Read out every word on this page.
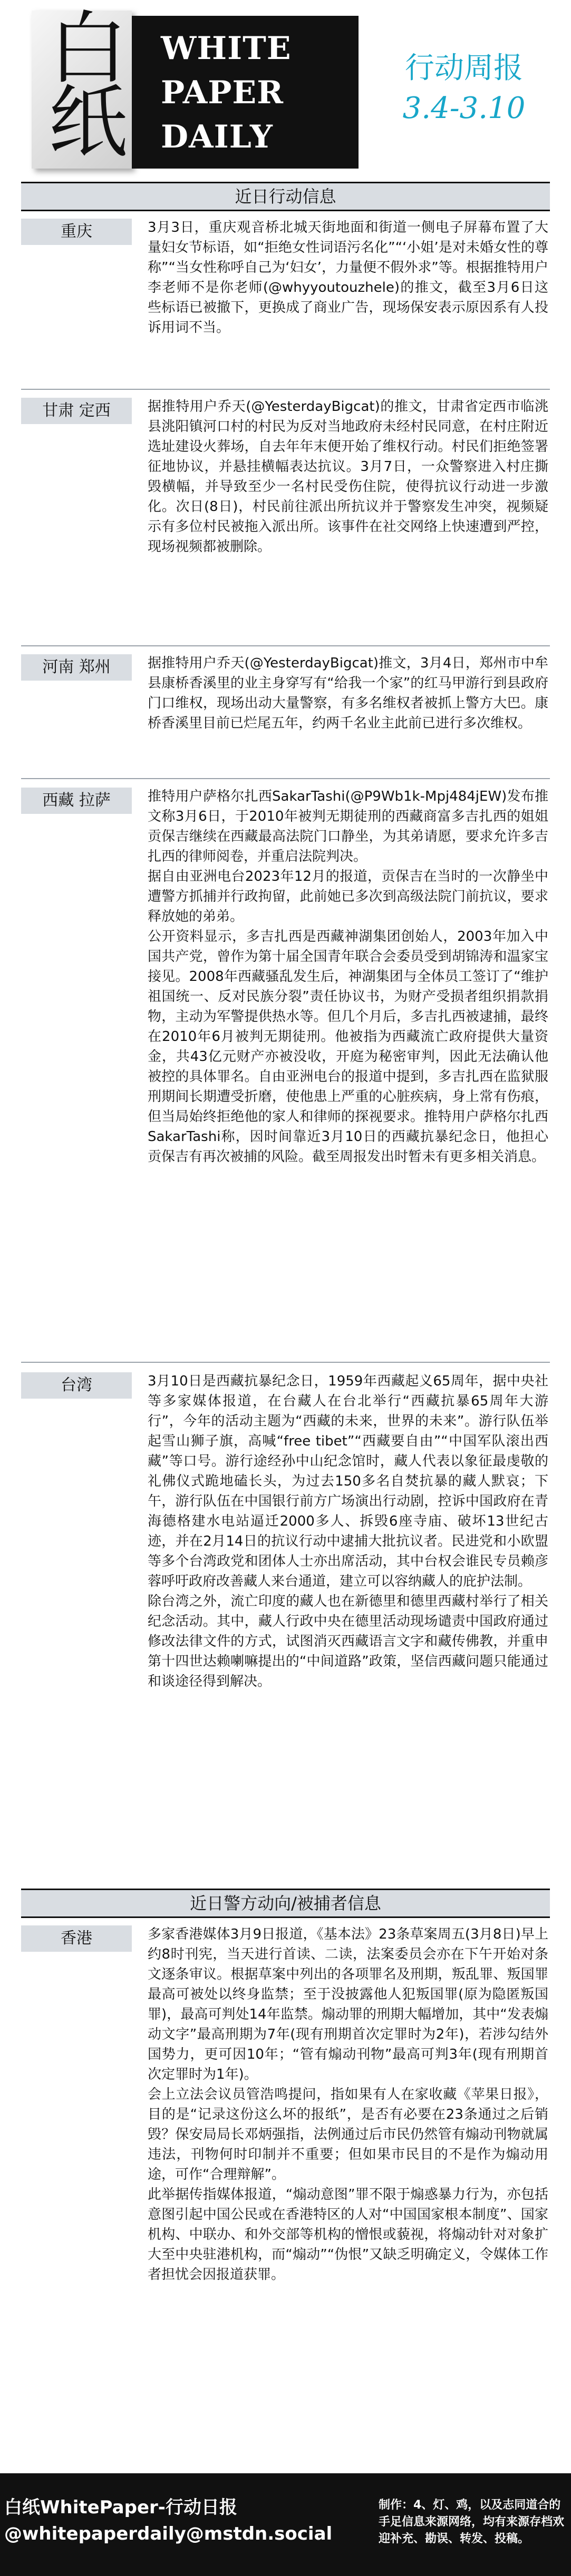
白
纸
WHITE
PAPER
DAILY
行动周报
3.4-3.10
近日行动信息
重庆	3月3日，重庆观音桥北城天街地面和街道一侧电子屏幕布置了大量妇女节标语，如“拒绝女性词语污名化”“‘小姐’是对未婚女性的尊称”“当女性称呼自己为‘妇女’，力量便不假外求”等。根据推特用户李老师不是你老师(@whyyoutouzhele)的推文，截至3月6日这些标语已被撤下，更换成了商业广告，现场保安表示原因系有人投诉用词不当。

甘肃 定西	据推特用户乔天(@YesterdayBigcat)的推文，甘肃省定西市临洮县洮阳镇河口村的村民为反对当地政府未经村民同意，在村庄附近选址建设火葬场，自去年年末便开始了维权行动。村民们拒绝签署征地协议，并悬挂横幅表达抗议。3月7日，一众警察进入村庄撕毁横幅，并导致至少一名村民受伤住院，使得抗议行动进一步激化。次日(8日)，村民前往派出所抗议并于警察发生冲突，视频疑示有多位村民被拖入派出所。该事件在社交网络上快速遭到严控，现场视频都被删除。

河南 郑州	据推特用户乔天(@YesterdayBigcat)推文，3月4日，郑州市中牟县康桥香溪里的业主身穿写有“给我一个家”的红马甲游行到县政府门口维权，现场出动大量警察，有多名维权者被抓上警方大巴。康桥香溪里目前已烂尾五年，约两千名业主此前已进行多次维权。

西藏 拉萨	推特用户萨格尔扎西SakarTashi(@P9Wb1k-Mpj484jEW)发布推文称3月6日，于2010年被判无期徒刑的西藏商富多吉扎西的姐姐贡保吉继续在西藏最高法院门口静坐，为其弟请愿，要求允许多吉扎西的律师阅卷，并重启法院判决。

据自由亚洲电台2023年12月的报道，贡保吉在当时的一次静坐中遭警方抓捕并行政拘留，此前她已多次到高级法院门前抗议，要求释放她的弟弟。

公开资料显示，多吉扎西是西藏神湖集团创始人，2003年加入中国共产党，曾作为第十届全国青年联合会委员受到胡锦涛和温家宝接见。2008年西藏骚乱发生后，神湖集团与全体员工签订了“维护祖国统一、反对民族分裂”责任协议书，为财产受损者组织捐款捐物，主动为军警提供热水等。但几个月后，多吉扎西被逮捕，最终在2010年6月被判无期徒刑。他被指为西藏流亡政府提供大量资金，共43亿元财产亦被没收，开庭为秘密审判，因此无法确认他被控的具体罪名。自由亚洲电台的报道中提到，多吉扎西在监狱服刑期间长期遭受折磨，使他患上严重的心脏疾病，身上常有伤痕，但当局始终拒绝他的家人和律师的探视要求。推特用户萨格尔扎西SakarTashi称，因时间靠近3月10日的西藏抗暴纪念日，他担心贡保吉有再次被捕的风险。截至周报发出时暂未有更多相关消息。

台湾	3月10日是西藏抗暴纪念日，1959年西藏起义65周年，据中央社等多家媒体报道，在台藏人在台北举行“西藏抗暴65周年大游行”，今年的活动主题为“西藏的未来，世界的未来”。游行队伍举起雪山狮子旗，高喊“free tibet”“西藏要自由”“中国军队滚出西藏”等口号。游行途经孙中山纪念馆时，藏人代表以象征最虔敬的礼佛仪式跪地磕长头，为过去150多名自焚抗暴的藏人默哀；下午，游行队伍在中国银行前方广场演出行动剧，控诉中国政府在青海德格建水电站逼迁2000多人、拆毁6座寺庙、破坏13世纪古迹，并在2月14日的抗议行动中逮捕大批抗议者。民进党和小欧盟等多个台湾政党和团体人士亦出席活动，其中台权会谁民专员赖彦蓉呼吁政府改善藏人来台通道，建立可以容纳藏人的庇护法制。

除台湾之外，流亡印度的藏人也在新德里和德里西藏村举行了相关纪念活动。其中，藏人行政中央在德里活动现场谴责中国政府通过修改法律文件的方式，试图消灭西藏语言文字和藏传佛教，并重申第十四世达赖喇嘛提出的“中间道路”政策，坚信西藏问题只能通过和谈途径得到解决。

近日警方动向/被捕者信息
香港	多家香港媒体3月9日报道，《基本法》23条草案周五(3月8日)早上约8时刊宪，当天进行首读、二读，法案委员会亦在下午开始对条文逐条审议。根据草案中列出的各项罪名及刑期，叛乱罪、叛国罪最高可被处以终身监禁；至于没披露他人犯叛国罪(原为隐匿叛国罪)，最高可判处14年监禁。煽动罪的刑期大幅增加，其中“发表煽动文字”最高刑期为7年(现有刑期首次定罪时为2年)，若涉勾结外国势力，更可因10年；“管有煽动刊物”最高可判3年(现有刑期首次定罪时为1年)。

会上立法会议员管浩鸣提问，指如果有人在家收藏《苹果日报》，目的是“记录这份这么坏的报纸”，是否有必要在23条通过之后销毁？保安局局长邓炳强指，法例通过后市民仍然管有煽动刊物就属违法，刊物何时印制并不重要；但如果市民目的不是作为煽动用途，可作“合理辩解”。

此举据传指媒体报道，“煽动意图”罪不限于煽惑暴力行为，亦包括意图引起中国公民或在香港特区的人对“中国国家根本制度”、国家机构、中联办、和外交部等机构的憎恨或藐视，将煽动针对对象扩大至中央驻港机构，而“煽动”“伪恨”又缺乏明确定义，令媒体工作者担忧会因报道获罪。

白纸WhitePaper-行动日报
@whitepaperdaily@mstdn.social
制作：4、灯、鸡，以及志同道合的手足信息来源网络，均有来源存档欢迎补充、勘误、转发、投稿。
